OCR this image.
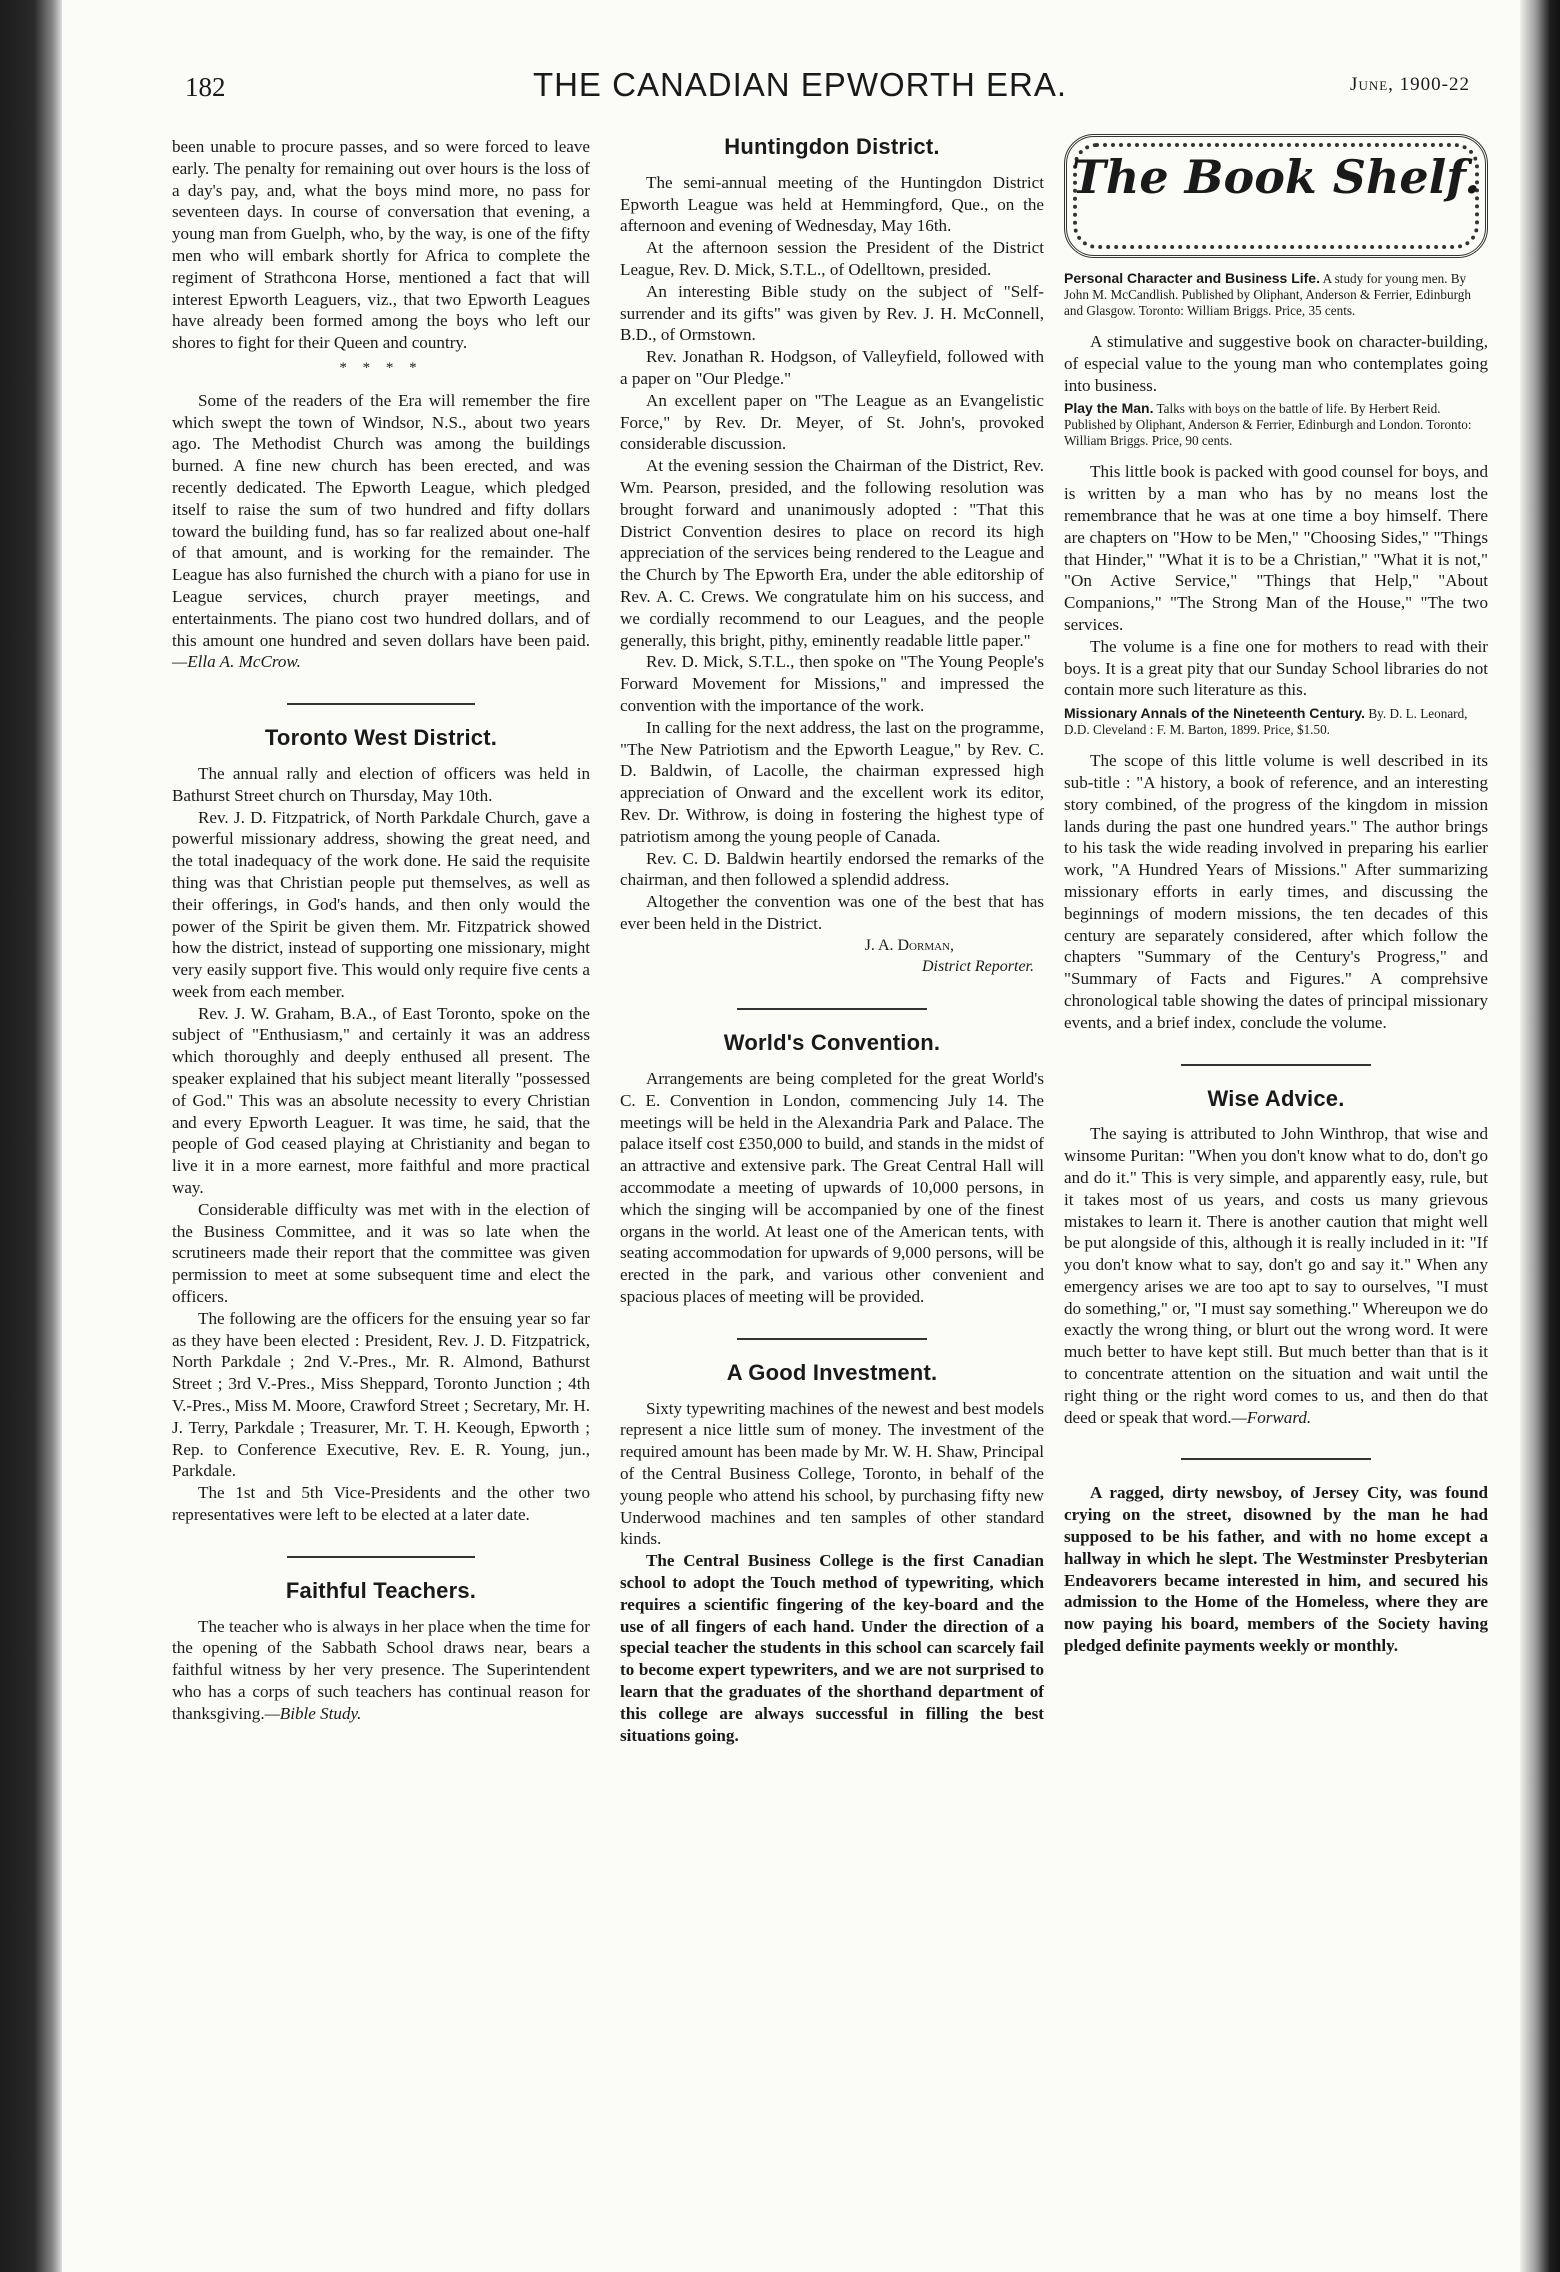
182	THE CANADIAN EPWORTH ERA.	June, 1900-22

been unable to procure passes, and so were forced to leave early. The penalty for remaining out over hours is the loss of a day's pay, and, what the boys mind more, no pass for seventeen days. In course of conversation that evening, a young man from Guelph, who, by the way, is one of the fifty men who will embark shortly for Africa to complete the regiment of Strathcona Horse, mentioned a fact that will interest Epworth Leaguers, viz., that two Epworth Leagues have already been formed among the boys who left our shores to fight for their Queen and country.

* * * *

Some of the readers of the Era will remember the fire which swept the town of Windsor, N.S., about two years ago. The Methodist Church was among the buildings burned. A fine new church has been erected, and was recently dedicated. The Epworth League, which pledged itself to raise the sum of two hundred and fifty dollars toward the building fund, has so far realized about one-half of that amount, and is working for the remainder. The League has also furnished the church with a piano for use in League services, church prayer meetings, and entertainments. The piano cost two hundred dollars, and of this amount one hundred and seven dollars have been paid. —Ella A. McCrow.

Toronto West District.

The annual rally and election of officers was held in Bathurst Street church on Thursday, May 10th.

Rev. J. D. Fitzpatrick, of North Parkdale Church, gave a powerful missionary address, showing the great need, and the total inadequacy of the work done. He said the requisite thing was that Christian people put themselves, as well as their offerings, in God's hands, and then only would the power of the Spirit be given them. Mr. Fitzpatrick showed how the district, instead of supporting one missionary, might very easily support five. This would only require five cents a week from each member.

Rev. J. W. Graham, B.A., of East Toronto, spoke on the subject of "Enthusiasm," and certainly it was an address which thoroughly and deeply enthused all present. The speaker explained that his subject meant literally "possessed of God." This was an absolute necessity to every Christian and every Epworth Leaguer. It was time, he said, that the people of God ceased playing at Christianity and began to live it in a more earnest, more faithful and more practical way.

Considerable difficulty was met with in the election of the Business Committee, and it was so late when the scrutineers made their report that the committee was given permission to meet at some subsequent time and elect the officers.

The following are the officers for the ensuing year so far as they have been elected : President, Rev. J. D. Fitzpatrick, North Parkdale ; 2nd V.-Pres., Mr. R. Almond, Bathurst Street ; 3rd V.-Pres., Miss Sheppard, Toronto Junction ; 4th V.-Pres., Miss M. Moore, Crawford Street ; Secretary, Mr. H. J. Terry, Parkdale ; Treasurer, Mr. T. H. Keough, Epworth ; Rep. to Conference Executive, Rev. E. R. Young, jun., Parkdale.

The 1st and 5th Vice-Presidents and the other two representatives were left to be elected at a later date.

Faithful Teachers.

The teacher who is always in her place when the time for the opening of the Sabbath School draws near, bears a faithful witness by her very presence. The Superintendent who has a corps of such teachers has continual reason for thanksgiving.—Bible Study.

Huntingdon District.

The semi-annual meeting of the Huntingdon District Epworth League was held at Hemmingford, Que., on the afternoon and evening of Wednesday, May 16th.

At the afternoon session the President of the District League, Rev. D. Mick, S.T.L., of Odelltown, presided.

An interesting Bible study on the subject of "Self-surrender and its gifts" was given by Rev. J. H. McConnell, B.D., of Ormstown.

Rev. Jonathan R. Hodgson, of Valleyfield, followed with a paper on "Our Pledge."

An excellent paper on "The League as an Evangelistic Force," by Rev. Dr. Meyer, of St. John's, provoked considerable discussion.

At the evening session the Chairman of the District, Rev. Wm. Pearson, presided, and the following resolution was brought forward and unanimously adopted : "That this District Convention desires to place on record its high appreciation of the services being rendered to the League and the Church by The Epworth Era, under the able editorship of Rev. A. C. Crews. We congratulate him on his success, and we cordially recommend to our Leagues, and the people generally, this bright, pithy, eminently readable little paper."

Rev. D. Mick, S.T.L., then spoke on "The Young People's Forward Movement for Missions," and impressed the convention with the importance of the work.

In calling for the next address, the last on the programme, "The New Patriotism and the Epworth League," by Rev. C. D. Baldwin, of Lacolle, the chairman expressed high appreciation of Onward and the excellent work its editor, Rev. Dr. Withrow, is doing in fostering the highest type of patriotism among the young people of Canada.

Rev. C. D. Baldwin heartily endorsed the remarks of the chairman, and then followed a splendid address.

Altogether the convention was one of the best that has ever been held in the District.

J. A. Dorman,
District Reporter.
World's Convention.

Arrangements are being completed for the great World's C. E. Convention in London, commencing July 14. The meetings will be held in the Alexandria Park and Palace. The palace itself cost £350,000 to build, and stands in the midst of an attractive and extensive park. The Great Central Hall will accommodate a meeting of upwards of 10,000 persons, in which the singing will be accompanied by one of the finest organs in the world. At least one of the American tents, with seating accommodation for upwards of 9,000 persons, will be erected in the park, and various other convenient and spacious places of meeting will be provided.

A Good Investment.

Sixty typewriting machines of the newest and best models represent a nice little sum of money. The investment of the required amount has been made by Mr. W. H. Shaw, Principal of the Central Business College, Toronto, in behalf of the young people who attend his school, by purchasing fifty new Underwood machines and ten samples of other standard kinds.

The Central Business College is the first Canadian school to adopt the Touch method of typewriting, which requires a scientific fingering of the key-board and the use of all fingers of each hand. Under the direction of a special teacher the students in this school can scarcely fail to become expert typewriters, and we are not surprised to learn that the graduates of the shorthand department of this college are always successful in filling the best situations going.

The Book Shelf.
Personal Character and Business Life. A study for young men. By John M. McCandlish. Published by Oliphant, Anderson & Ferrier, Edinburgh and Glasgow. Toronto: William Briggs. Price, 35 cents.

A stimulative and suggestive book on character-building, of especial value to the young man who contemplates going into business.

Play the Man. Talks with boys on the battle of life. By Herbert Reid. Published by Oliphant, Anderson & Ferrier, Edinburgh and London. Toronto: William Briggs. Price, 90 cents.

This little book is packed with good counsel for boys, and is written by a man who has by no means lost the remembrance that he was at one time a boy himself. There are chapters on "How to be Men," "Choosing Sides," "Things that Hinder," "What it is to be a Christian," "What it is not," "On Active Service," "Things that Help," "About Companions," "The Strong Man of the House," "The two services.

The volume is a fine one for mothers to read with their boys. It is a great pity that our Sunday School libraries do not contain more such literature as this.

Missionary Annals of the Nineteenth Century. By. D. L. Leonard, D.D. Cleveland : F. M. Barton, 1899. Price, $1.50.

The scope of this little volume is well described in its sub-title : "A history, a book of reference, and an interesting story combined, of the progress of the kingdom in mission lands during the past one hundred years." The author brings to his task the wide reading involved in preparing his earlier work, "A Hundred Years of Missions." After summarizing missionary efforts in early times, and discussing the beginnings of modern missions, the ten decades of this century are separately considered, after which follow the chapters "Summary of the Century's Progress," and "Summary of Facts and Figures." A comprehsive chronological table showing the dates of principal missionary events, and a brief index, conclude the volume.

Wise Advice.

The saying is attributed to John Winthrop, that wise and winsome Puritan: "When you don't know what to do, don't go and do it." This is very simple, and apparently easy, rule, but it takes most of us years, and costs us many grievous mistakes to learn it. There is another caution that might well be put alongside of this, although it is really included in it: "If you don't know what to say, don't go and say it." When any emergency arises we are too apt to say to ourselves, "I must do something," or, "I must say something." Whereupon we do exactly the wrong thing, or blurt out the wrong word. It were much better to have kept still. But much better than that is it to concentrate attention on the situation and wait until the right thing or the right word comes to us, and then do that deed or speak that word.—Forward.

A ragged, dirty newsboy, of Jersey City, was found crying on the street, disowned by the man he had supposed to be his father, and with no home except a hallway in which he slept. The Westminster Presbyterian Endeavorers became interested in him, and secured his admission to the Home of the Homeless, where they are now paying his board, members of the Society having pledged definite payments weekly or monthly.
